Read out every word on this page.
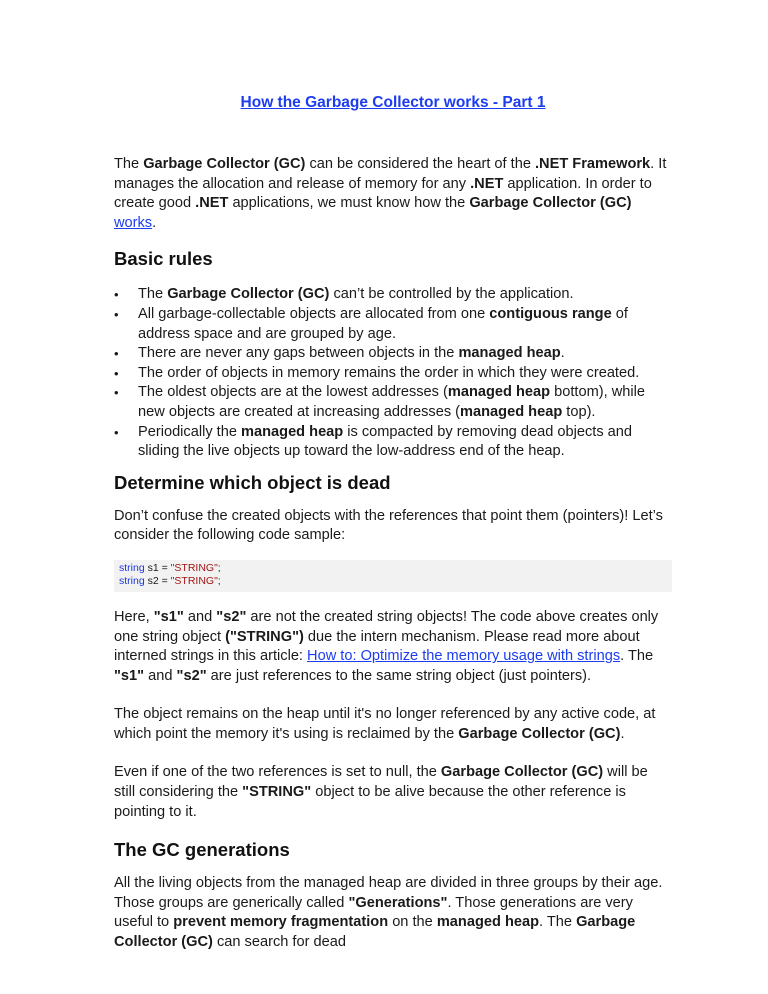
How the Garbage Collector works - Part 1

The Garbage Collector (GC) can be considered the heart of the .NET Framework. It manages the allocation and release of memory for any .NET application. In order to create good .NET applications, we must know how the Garbage Collector (GC) works.

Basic rules
• The Garbage Collector (GC) can’t be controlled by the application.
• All garbage-collectable objects are allocated from one contiguous range of address space and are grouped by age.
• There are never any gaps between objects in the managed heap.
• The order of objects in memory remains the order in which they were created.
• The oldest objects are at the lowest addresses (managed heap bottom), while new objects are created at increasing addresses (managed heap top).
• Periodically the managed heap is compacted by removing dead objects and sliding the live objects up toward the low-address end of the heap.
Determine which object is dead

Don’t confuse the created objects with the references that point them (pointers)! Let’s consider the following code sample:

string s1 = "STRING";
string s2 = "STRING";

Here, "s1" and "s2" are not the created string objects! The code above creates only one string object ("STRING") due the intern mechanism. Please read more about interned strings in this article: How to: Optimize the memory usage with strings. The "s1" and "s2" are just references to the same string object (just pointers).

The object remains on the heap until it's no longer referenced by any active code, at which point the memory it's using is reclaimed by the Garbage Collector (GC).

Even if one of the two references is set to null, the Garbage Collector (GC) will be still considering the "STRING" object to be alive because the other reference is pointing to it.

The GC generations

All the living objects from the managed heap are divided in three groups by their age. Those groups are generically called "Generations". Those generations are very useful to prevent memory fragmentation on the managed heap. The Garbage Collector (GC) can search for dead
